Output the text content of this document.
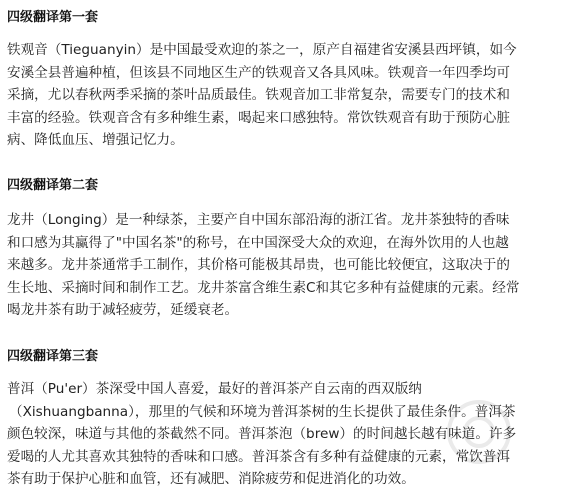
四级翻译第一套
铁观音（Tieguanyin）是中国最受欢迎的茶之一，原产自福建省安溪县西坪镇，如今
安溪全县普遍种植，但该县不同地区生产的铁观音又各具风味。铁观音一年四季均可
采摘，尤以春秋两季采摘的茶叶品质最佳。铁观音加工非常复杂，需要专门的技术和
丰富的经验。铁观音含有多种维生素，喝起来口感独特。常饮铁观音有助于预防心脏
病、降低血压、增强记忆力。
四级翻译第二套
龙井（Longing）是一种绿茶，主要产自中国东部沿海的浙江省。龙井茶独特的香味
和口感为其赢得了"中国名茶"的称号，在中国深受大众的欢迎，在海外饮用的人也越
来越多。龙井茶通常手工制作，其价格可能极其昂贵，也可能比较便宜，这取决于的
生长地、采摘时间和制作工艺。龙井茶富含维生素C和其它多种有益健康的元素。经常
喝龙井茶有助于减轻疲劳，延缓衰老。
四级翻译第三套
普洱（Pu'er）茶深受中国人喜爱，最好的普洱茶产自云南的西双版纳
（Xishuangbanna），那里的气候和环境为普洱茶树的生长提供了最佳条件。普洱茶
颜色较深，味道与其他的茶截然不同。普洱茶泡（brew）的时间越长越有味道。许多
爱喝的人尤其喜欢其独特的香味和口感。普洱茶含有多种有益健康的元素，常饮普洱
茶有助于保护心脏和血管，还有减肥、消除疲劳和促进消化的功效。
